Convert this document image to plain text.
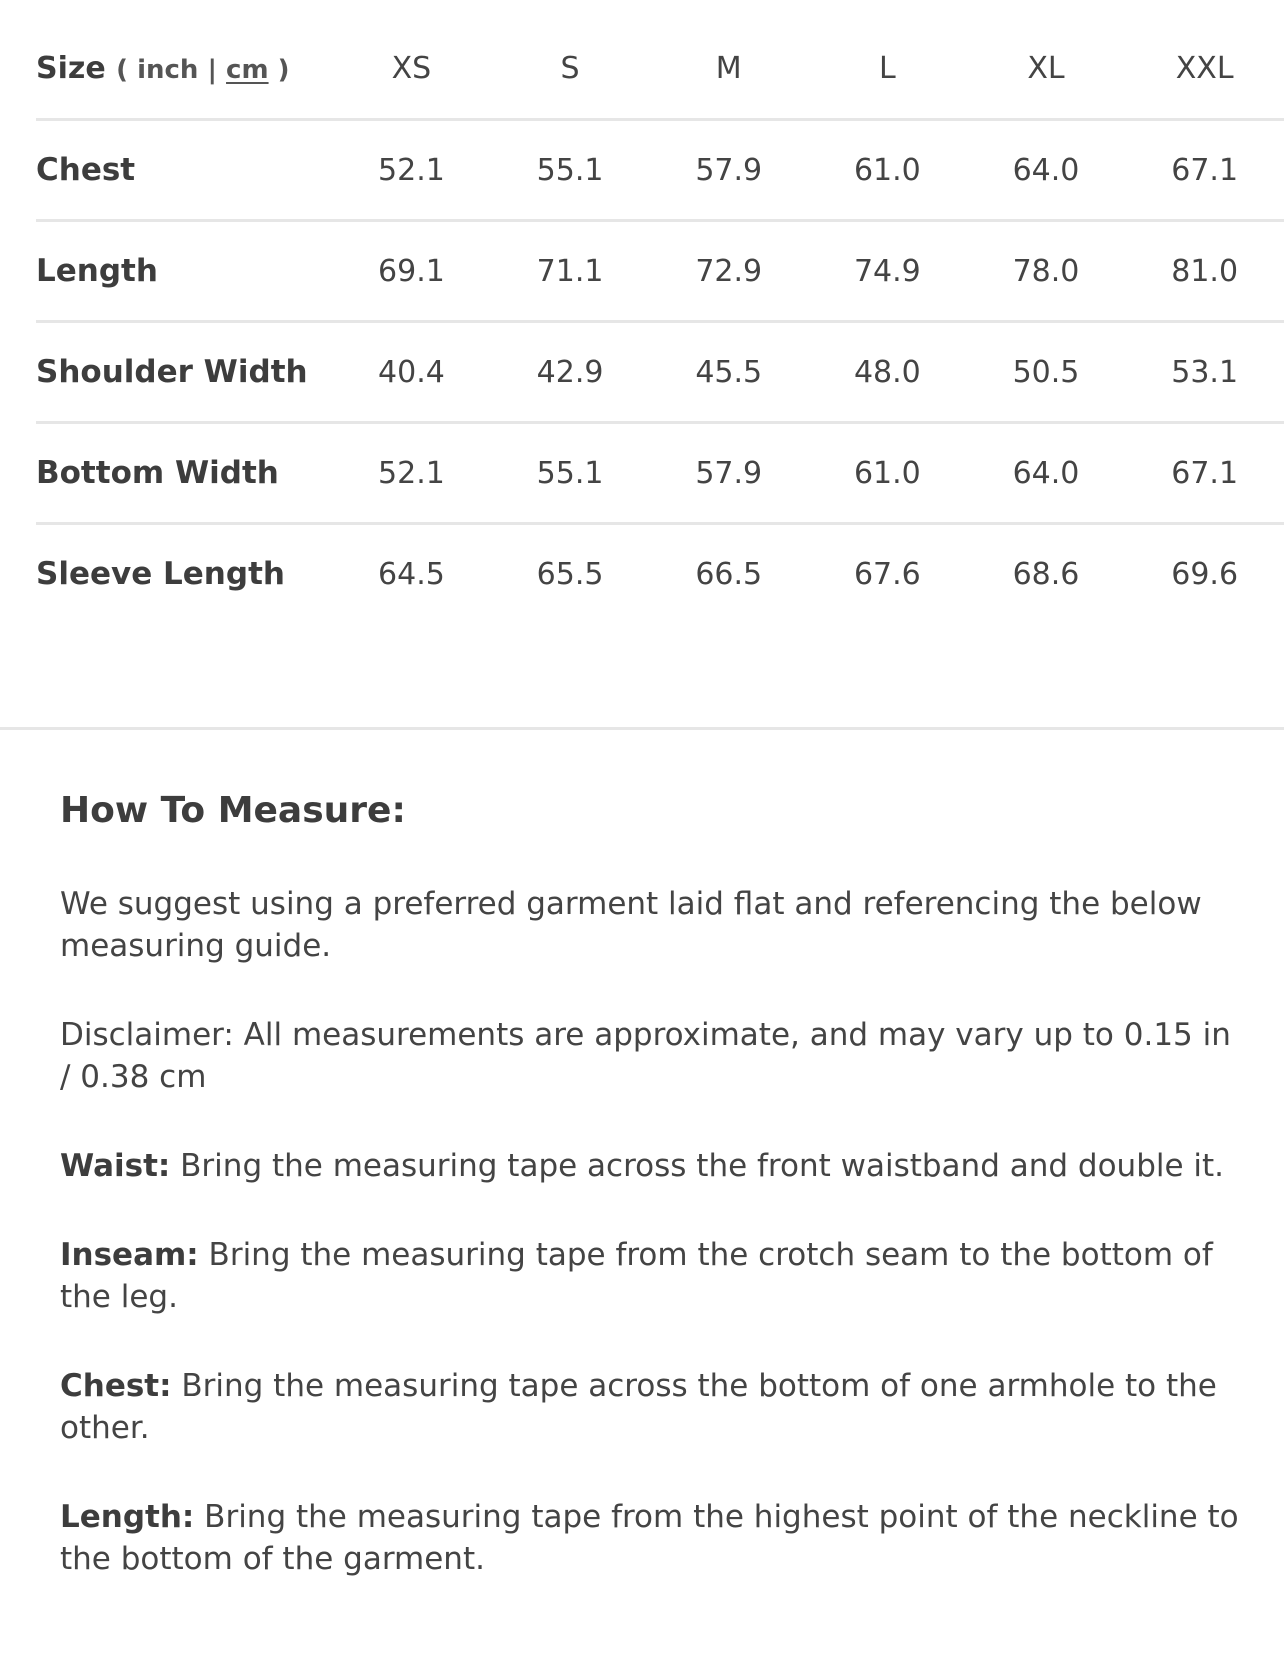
Size ( inch | cm )	XS	S	M	L	XL	XXL
Chest	52.1	55.1	57.9	61.0	64.0	67.1
Length	69.1	71.1	72.9	74.9	78.0	81.0
Shoulder Width	40.4	42.9	45.5	48.0	50.5	53.1
Bottom Width	52.1	55.1	57.9	61.0	64.0	67.1
Sleeve Length	64.5	65.5	66.5	67.6	68.6	69.6
How To Measure:

We suggest using a preferred garment laid flat and referencing the below measuring guide.

Disclaimer: All measurements are approximate, and may vary up to 0.15 in / 0.38 cm

Waist: Bring the measuring tape across the front waistband and double it.

Inseam: Bring the measuring tape from the crotch seam to the bottom of the leg.

Chest: Bring the measuring tape across the bottom of one armhole to the other.

Length: Bring the measuring tape from the highest point of the neckline to the bottom of the garment.
